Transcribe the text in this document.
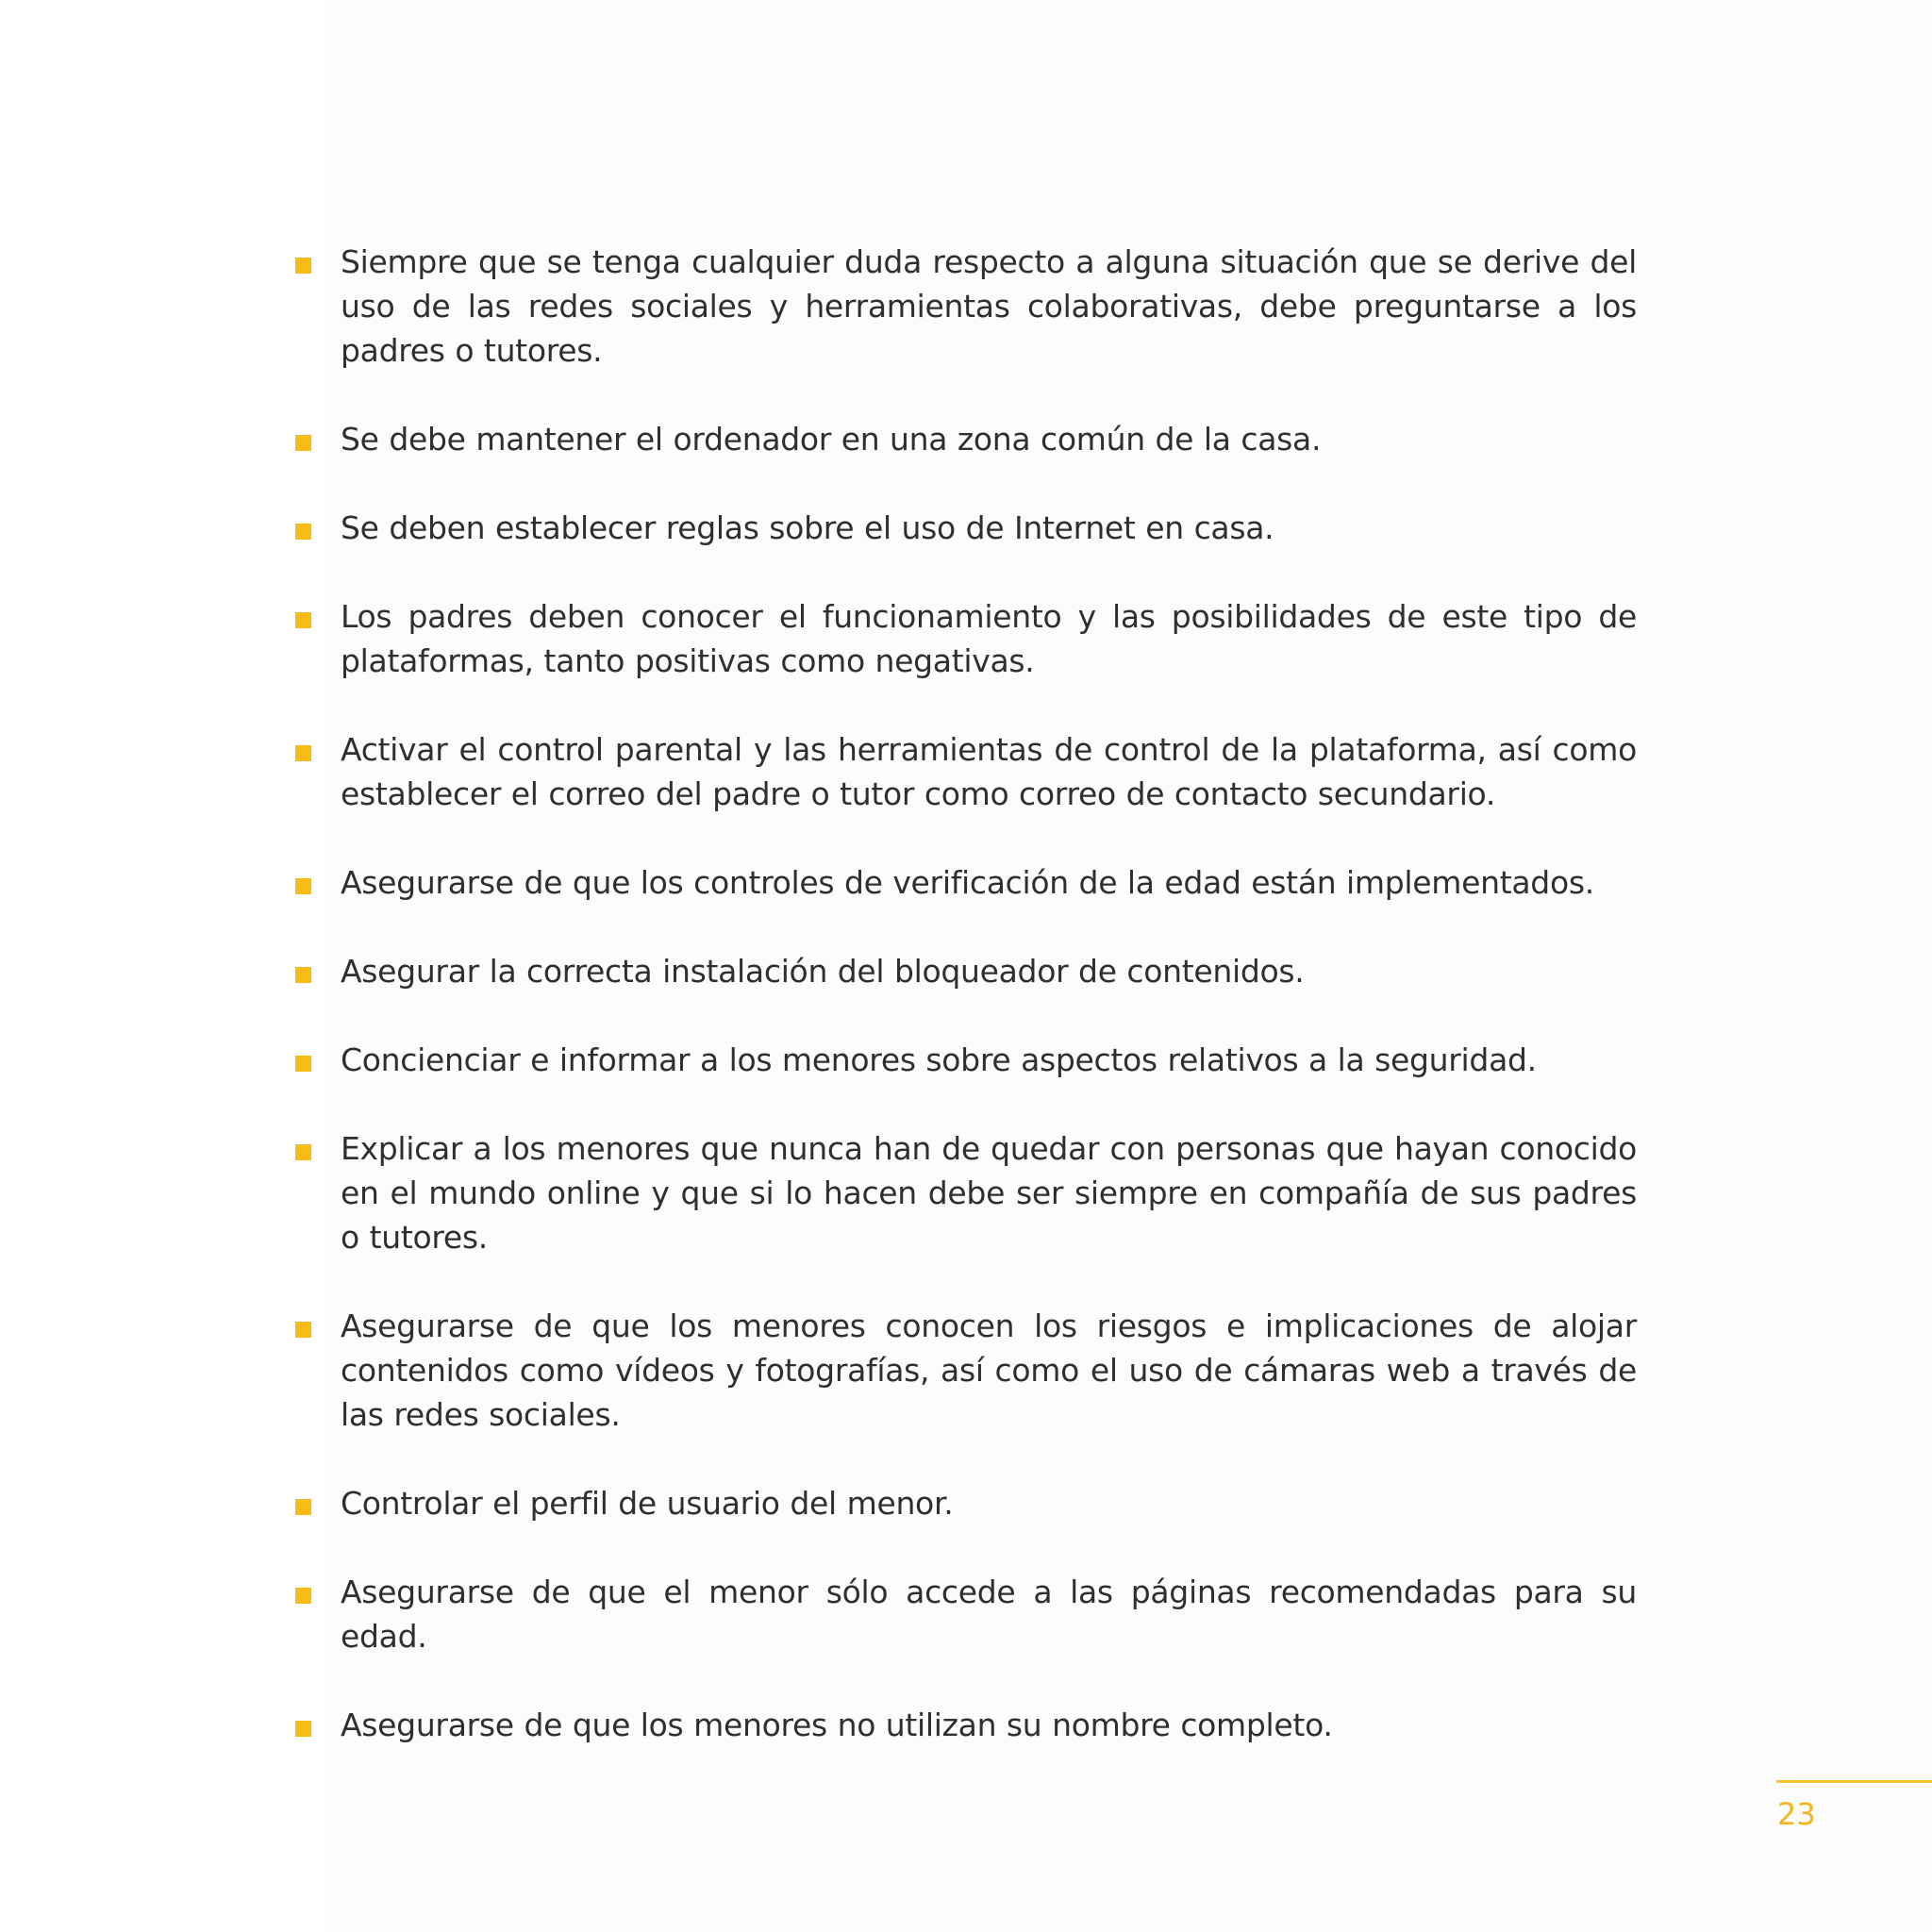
Siempre que se tenga cualquier duda respecto a alguna situación que se derive del uso de las redes sociales y herramientas colaborativas, debe preguntarse a los padres o tutores.
Se debe mantener el ordenador en una zona común de la casa.
Se deben establecer reglas sobre el uso de Internet en casa.
Los padres deben conocer el funcionamiento y las posibilidades de este tipo de plataformas, tanto positivas como negativas.
Activar el control parental y las herramientas de control de la plataforma, así como establecer el correo del padre o tutor como correo de contacto secundario.
Asegurarse de que los controles de verificación de la edad están implementados.
Asegurar la correcta instalación del bloqueador de contenidos.
Concienciar e informar a los menores sobre aspectos relativos a la seguridad.
Explicar a los menores que nunca han de quedar con personas que hayan conocido en el mundo online y que si lo hacen debe ser siempre en compañía de sus padres o tutores.
Asegurarse de que los menores conocen los riesgos e implicaciones de alojar contenidos como vídeos y fotografías, así como el uso de cámaras web a través de las redes sociales.
Controlar el perfil de usuario del menor.
Asegurarse de que el menor sólo accede a las páginas recomendadas para su edad.
Asegurarse de que los menores no utilizan su nombre completo.
23
